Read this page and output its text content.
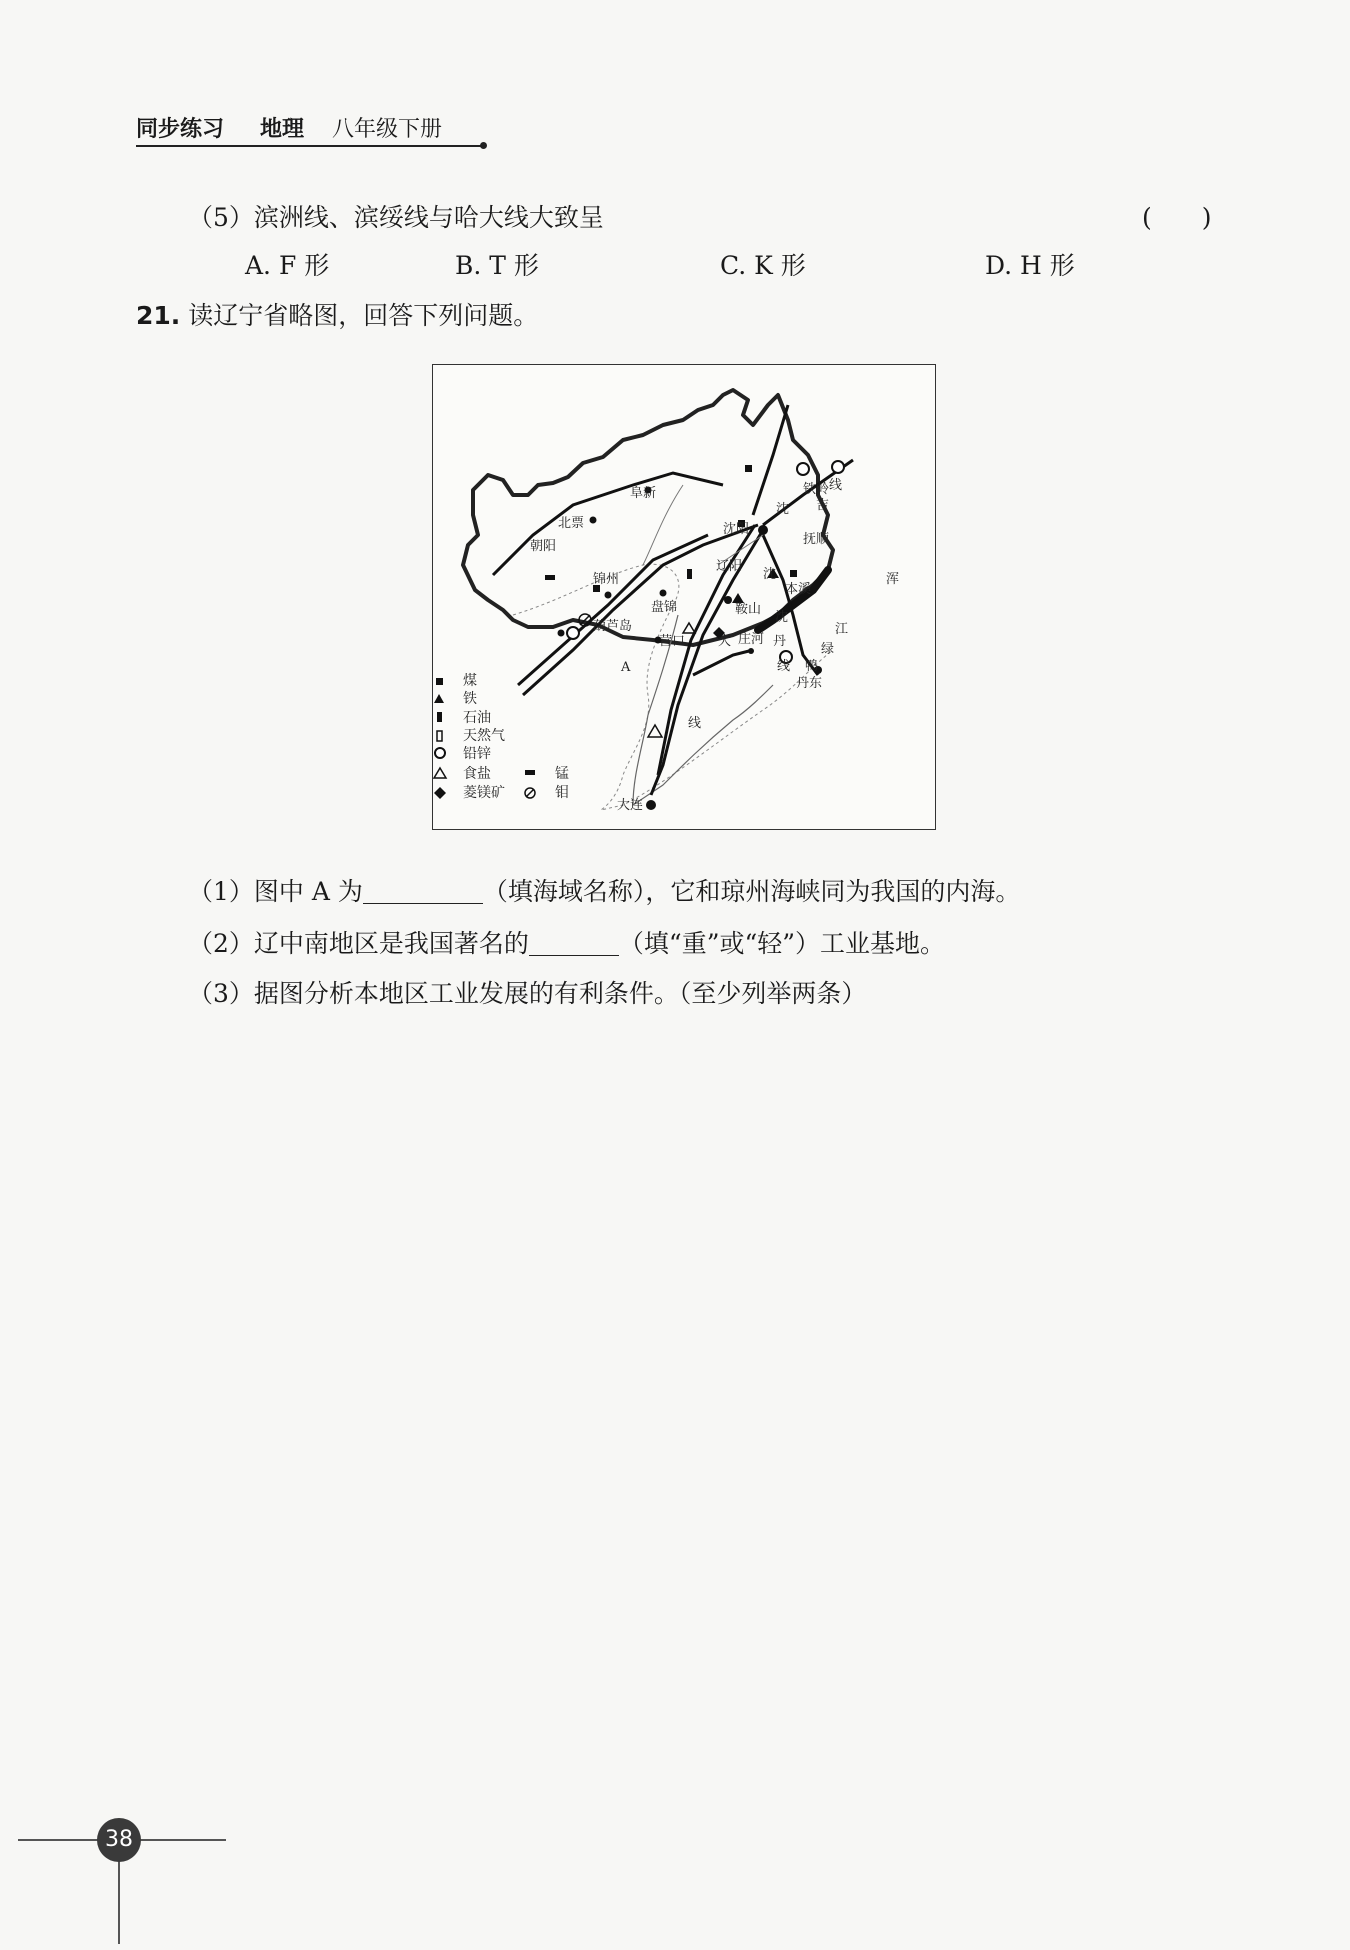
同步练习 地理 八年级下册
（5）滨洲线、滨绥线与哈大线大致呈	(　　)
A. F 形	B. T 形	C. K 形	D. H 形
21. 读辽宁省略图，回答下列问题。
阜新
北票
朝阳
锦州
盘锦
葫芦岛
营口
沈阳
铁岭
抚顺
辽阳
鞍山
本溪
丹东
庄河
大连
A
沈 吉
线
沈
沈
丹
线
大
线
鸭
绿
江
浑
煤
铁
石油
天然气
铅锌
食盐	锰
菱镁矿	钼
（1）图中 A 为	（填海域名称），它和琼州海峡同为我国的内海。
（2）辽中南地区是我国著名的	（填“重”或“轻”）工业基地。
（3）据图分析本地区工业发展的有利条件。（至少列举两条）
38
